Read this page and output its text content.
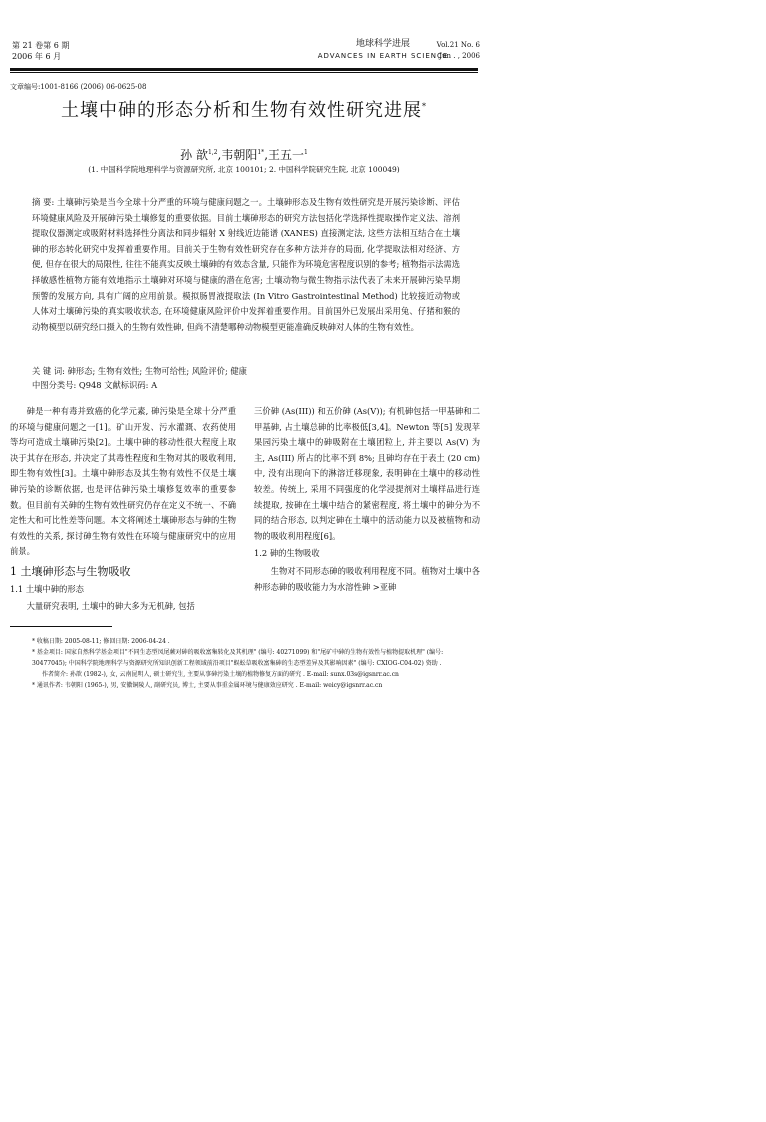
第 21 卷第 6 期
2006 年 6 月
地球科学进展
ADVANCES IN EARTH SCIENCE
Vol.21 No. 6
Jun . , 2006
文章编号:1001-8166 (2006) 06-0625-08
土壤中砷的形态分析和生物有效性研究进展*
孙 歆$^{1,2}$,韦朝阳$^{1*}$,王五一$^1$
(1. 中国科学院地理科学与资源研究所, 北京 100101; 2. 中国科学院研究生院, 北京 100049)
摘 要: 土壤砷污染是当今全球十分严重的环境与健康问题之一。土壤砷形态及生物有效性研究是开展污染诊断、评估环境健康风险及开展砷污染土壤修复的重要依据。目前土壤砷形态的研究方法包括化学选择性提取操作定义法、溶剂提取仪器测定或吸附材料选择性分离法和同步辐射 X 射线近边能谱 (XANES) 直接测定法, 这些方法相互结合在土壤砷的形态转化研究中发挥着重要作用。目前关于生物有效性研究存在多种方法并存的局面, 化学提取法相对经济、方便, 但存在很大的局限性, 往往不能真实反映土壤砷的有效态含量, 只能作为环境危害程度识别的参考; 植物指示法需选择敏感性植物方能有效地指示土壤砷对环境与健康的潜在危害; 土壤动物与微生物指示法代表了未来开展砷污染早期预警的发展方向, 具有广阔的应用前景。模拟肠胃液提取法 (In Vitro Gastrointestinal Method) 比较接近动物或人体对土壤砷污染的真实吸收状态, 在环境健康风险评价中发挥着重要作用。目前国外已发展出采用兔、仔猪和猴的动物模型以研究经口摄入的生物有效性砷, 但尚不清楚哪种动物模型更能准确反映砷对人体的生物有效性。
关 键 词: 砷形态; 生物有效性; 生物可给性; 风险评价; 健康
中图分类号: Q948 文献标识码: A

砷是一种有毒并致癌的化学元素, 砷污染是全球十分严重的环境与健康问题之一[1]。矿山开发、污水灌溉、农药使用等均可造成土壤砷污染[2]。土壤中砷的移动性很大程度上取决于其存在形态, 并决定了其毒性程度和生物对其的吸收利用, 即生物有效性[3]。土壤中砷形态及其生物有效性不仅是土壤砷污染的诊断依据, 也是评估砷污染土壤修复效率的重要参数。但目前有关砷的生物有效性研究仍存在定义不统一、不确定性大和可比性差等问题。本文将阐述土壤砷形态与砷的生物有效性的关系, 探讨砷生物有效性在环境与健康研究中的应用前景。

1 土壤砷形态与生物吸收
1.1 土壤中砷的形态

大量研究表明, 土壤中的砷大多为无机砷, 包括

三价砷 (As(III)) 和五价砷 (As(V)); 有机砷包括一甲基砷和二甲基砷, 占土壤总砷的比率极低[3,4]。Newton 等[5] 发现苹果园污染土壤中的砷吸附在土壤团粒上, 并主要以 As(V) 为主, As(III) 所占的比率不到 8%; 且砷均存在于表土 (20 cm) 中, 没有出现向下的淋溶迁移现象, 表明砷在土壤中的移动性较差。传统上, 采用不同强度的化学浸提剂对土壤样品进行连续提取, 按砷在土壤中结合的紧密程度, 将土壤中的砷分为不同的结合形态, 以判定砷在土壤中的活动能力以及被植物和动物的吸收利用程度[6]。

1.2 砷的生物吸收

生物对不同形态砷的吸收利用程度不同。植物对土壤中各种形态砷的吸收能力为水溶性砷 >亚砷

* 收稿日期: 2005-08-11; 修回日期: 2006-04-24 .

* 基金项目: 国家自然科学基金项目"不同生态型凤尾蕨对砷的吸收富集转化及其机理" (编号: 40271099) 和"尾矿中砷的生物有效性与植物提取机理" (编号: 30477045); 中国科学院地理科学与资源研究所知识创新工程领域前沿项目"蜈蚣草吸收富集砷的生态型差异及其影响因素" (编号: CXIOG-C04-02) 资助 .

作者简介: 孙歆 (1982-), 女, 云南昆明人, 硕士研究生, 主要从事砷污染土壤的植物修复方面的研究 . E-mail: sunx.03s@igsnrr.ac.cn

* 通讯作者: 韦朝阳 (1965-), 男, 安徽铜陵人, 副研究员, 博士, 主要从事重金属环境与健康效应研究 . E-mail: weicy@igsnrr.ac.cn
